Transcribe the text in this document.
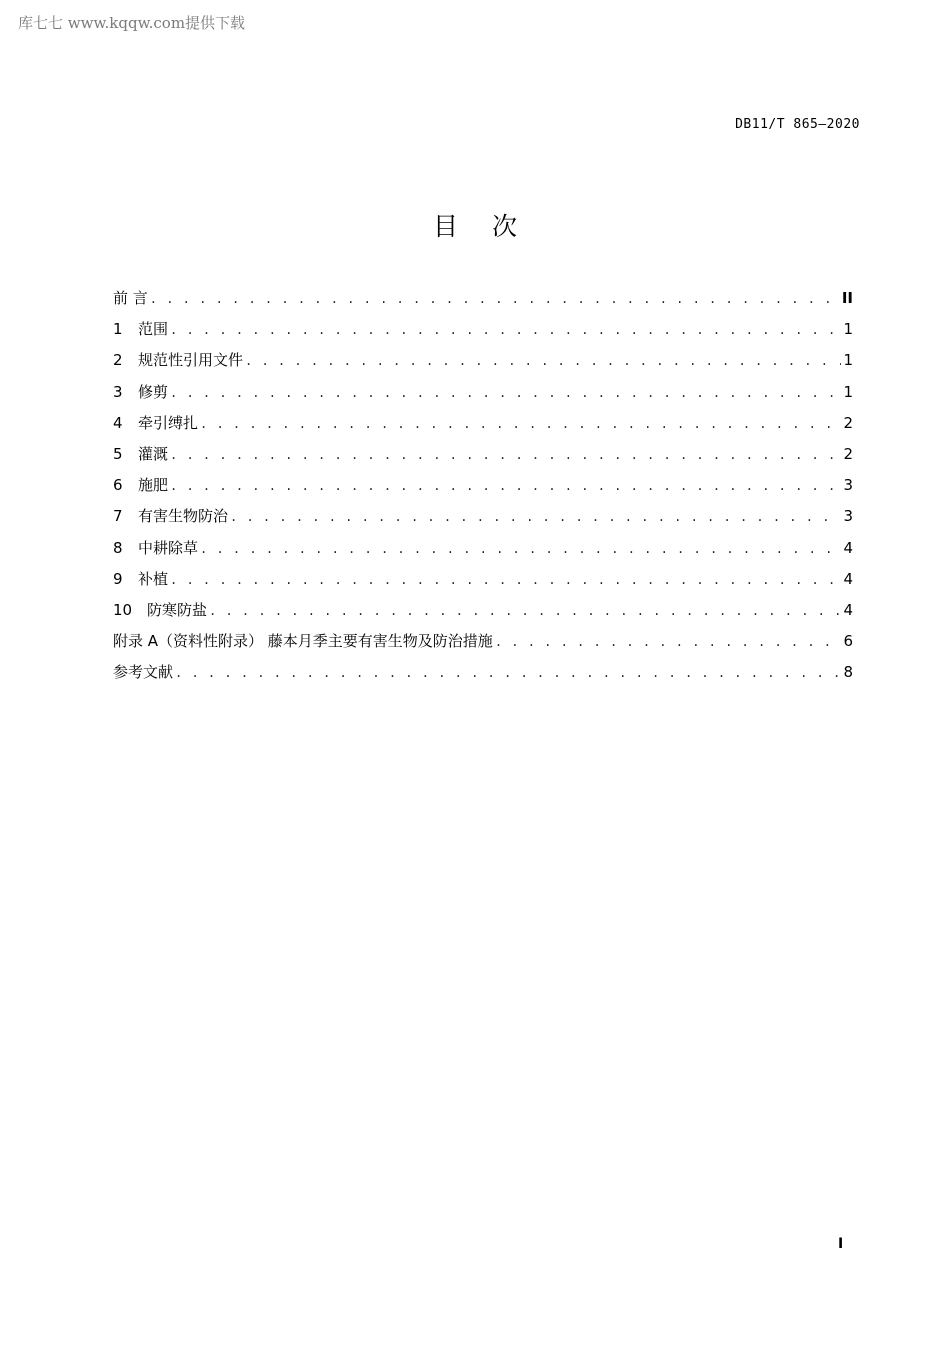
库七七 www.kqqw.com提供下载
DB11/T 865—2020
目次
前 言 . . .	II
1 范围 . . .	1
2 规范性引用文件 . . .	1
3 修剪 . . .	1
4 牵引缚扎 . . .	2
5 灌溉 . . .	2
6 施肥 . . .	3
7 有害生物防治 . . .	3
8 中耕除草 . . .	4
9 补植 . . .	4
10 防寒防盐 . . .	4
附录 A（资料性附录） 藤本月季主要有害生物及防治措施 . . .	6
参考文献 . . .	8
I
